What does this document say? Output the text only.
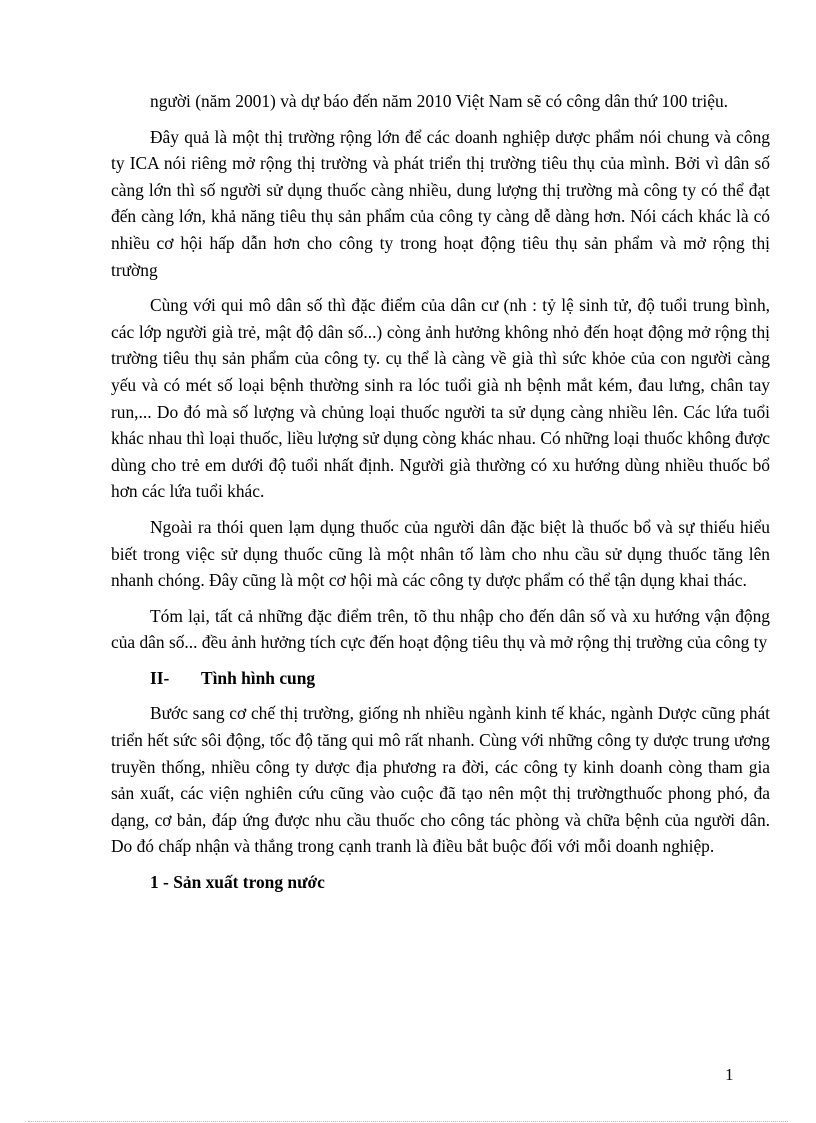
người (năm 2001) và dự báo đến năm 2010 Việt Nam sẽ có công dân thứ 100 triệu.

Đây quả là một thị trường rộng lớn để các doanh nghiệp dược phẩm nói chung và công ty ICA nói riêng mở rộng thị trường và phát triển thị trường tiêu thụ của mình. Bởi vì dân số càng lớn thì số người sử dụng thuốc càng nhiều, dung lượng thị trường mà công ty có thể đạt đến càng lớn, khả năng tiêu thụ sản phẩm của công ty càng dễ dàng hơn. Nói cách khác là có nhiều cơ hội hấp dẫn hơn cho công ty trong hoạt động tiêu thụ sản phẩm và mở rộng thị trường

Cùng với qui mô dân số thì đặc điểm của dân cư (nh : tỷ lệ sinh tử, độ tuổi trung bình, các lớp người già trẻ, mật độ dân số...) còng ảnh hưởng không nhỏ đến hoạt động mở rộng thị trường tiêu thụ sản phẩm của công ty. cụ thể là càng về già thì sức khỏe của con người càng yếu và có mét số loại bệnh thường sinh ra lóc tuổi già nh bệnh mắt kém, đau lưng, chân tay run,... Do đó mà số lượng và chủng loại thuốc người ta sử dụng càng nhiều lên. Các lứa tuổi khác nhau thì loại thuốc, liều lượng sử dụng còng khác nhau. Có những loại thuốc không được dùng cho trẻ em dưới độ tuổi nhất định. Người già thường có xu hướng dùng nhiều thuốc bổ hơn các lứa tuổi khác.

Ngoài ra thói quen lạm dụng thuốc của người dân đặc biệt là thuốc bổ và sự thiếu hiểu biết trong việc sử dụng thuốc cũng là một nhân tố làm cho nhu cầu sử dụng thuốc tăng lên nhanh chóng. Đây cũng là một cơ hội mà các công ty dược phẩm có thể tận dụng khai thác.

Tóm lại, tất cả những đặc điểm trên, tõ thu nhập cho đến dân số và xu hướng vận động của dân số... đều ảnh hưởng tích cực đến hoạt động tiêu thụ và mở rộng thị trường của công ty

II-	Tình hình cung

Bước sang cơ chế thị trường, giống nh nhiều ngành kinh tế khác, ngành Dược cũng phát triển hết sức sôi động, tốc độ tăng qui mô rất nhanh. Cùng với những công ty dược trung ương truyền thống, nhiều công ty dược địa phương ra đời, các công ty kinh doanh còng tham gia sản xuất, các viện nghiên cứu cũng vào cuộc đã tạo nên một thị trườngthuốc phong phó, đa dạng, cơ bản, đáp ứng được nhu cầu thuốc cho công tác phòng và chữa bệnh của người dân. Do đó chấp nhận và thắng trong cạnh tranh là điều bắt buộc đối với mỗi doanh nghiệp.

1 -
Sản xuất trong nước
1
